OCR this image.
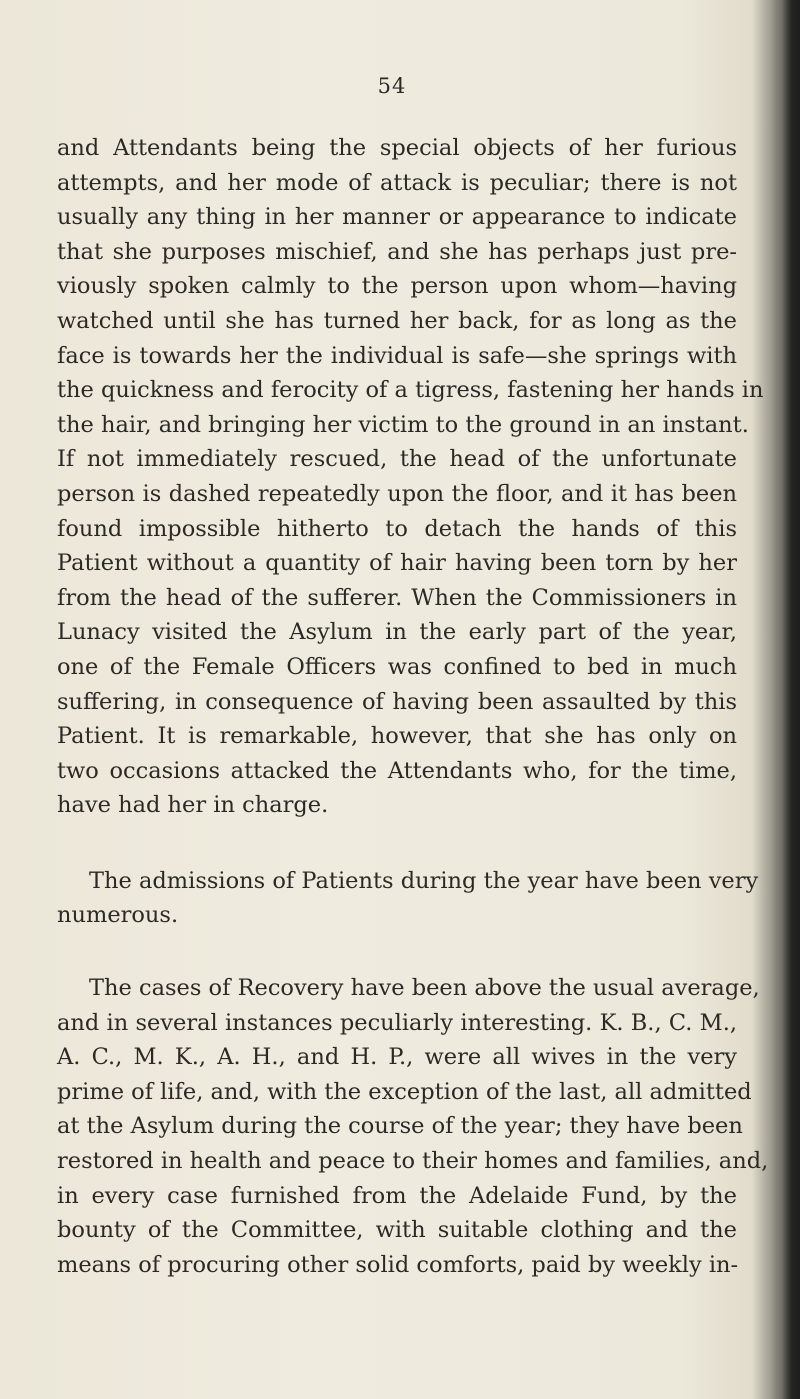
54
and Attendants being the special objects of her furious
attempts, and her mode of attack is peculiar; there is not
usually any thing in her manner or appearance to indicate
that she purposes mischief, and she has perhaps just pre-
viously spoken calmly to the person upon whom—having
watched until she has turned her back, for as long as the
face is towards her the individual is safe—she springs with
the quickness and ferocity of a tigress, fastening her hands in
the hair, and bringing her victim to the ground in an instant.
If not immediately rescued, the head of the unfortunate
person is dashed repeatedly upon the floor, and it has been
found impossible hitherto to detach the hands of this
Patient without a quantity of hair having been torn by her
from the head of the sufferer. When the Commissioners in
Lunacy visited the Asylum in the early part of the year,
one of the Female Officers was confined to bed in much
suffering, in consequence of having been assaulted by this
Patient. It is remarkable, however, that she has only on
two occasions attacked the Attendants who, for the time,
have had her in charge.
The admissions of Patients during the year have been very
numerous.
The cases of Recovery have been above the usual average,
and in several instances peculiarly interesting. K. B., C. M.,
A. C., M. K., A. H., and H. P., were all wives in the very
prime of life, and, with the exception of the last, all admitted
at the Asylum during the course of the year; they have been
restored in health and peace to their homes and families, and,
in every case furnished from the Adelaide Fund, by the
bounty of the Committee, with suitable clothing and the
means of procuring other solid comforts, paid by weekly in-
